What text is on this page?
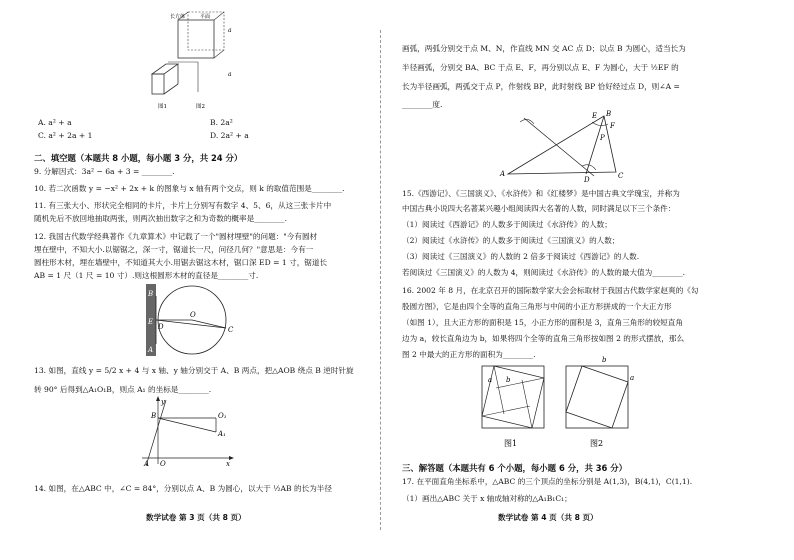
长方体	平面
a
图1	图2
a
A. a² + a	B. 2a²
C. a² + 2a + 1	D. 2a² + a
二、填空题（本题共 8 小题，每小题 3 分，共 24 分）
9. 分解因式：3a² − 6a + 3 = ________.
10. 若二次函数 y = −x² + 2x + k 的图象与 x 轴有两个交点，则 k 的取值范围是________.
11. 有三张大小、形状完全相同的卡片，卡片上分别写有数字 4、5、6，从这三张卡片中
随机先后不放回地抽取两张，则两次抽出数字之和为奇数的概率是________.
12. 我国古代数学经典著作《九章算术》中记载了一个"圆材埋壁"的问题："今有圆材
埋在壁中，不知大小.以锯锯之，深一寸，锯道长一尺，问径几何？"意思是：今有一
圆柱形木材，埋在墙壁中，不知道其大小.用锯去锯这木材，锯口深 ED = 1 寸，锯道长
AB = 1 尺（1 尺 = 10 寸）.则这根圆形木材的直径是________寸.
B
E
D
O
A
C
13. 如图，直线 y = 5/2 x + 4 与 x 轴、y 轴分别交于 A、B 两点，把△AOB 绕点 B 逆时针旋
转 90° 后得到△A₁O₁B，则点 A₁ 的坐标是________.
y
B	O₁
A₁
A O	x
14. 如图，在△ABC 中，∠C = 84°，分别以点 A、B 为圆心，以大于 ½AB 的长为半径
数学试卷 第 3 页（共 8 页）
画弧，两弧分别交于点 M、N，作直线 MN 交 AC 点 D；以点 B 为圆心，适当长为
半径画弧，分别交 BA、BC 于点 E、F，再分别以点 E、F 为圆心，大于 ½EF 的
长为半径画弧，两弧交于点 P，作射线 BP，此时射线 BP 恰好经过点 D，则∠A =
________度.
E B
F
P
A
D	C
15.《西游记》、《三国演义》、《水浒传》和《红楼梦》是中国古典文学瑰宝，并称为
中国古典小说四大名著某兴趣小组阅读四大名著的人数，同时满足以下三个条件：
（1）阅读过《西游记》的人数多于阅读过《水浒传》的人数；
（2）阅读过《水浒传》的人数多于阅读过《三国演义》的人数；
（3）阅读过《三国演义》的人数的 2 倍多于阅读过《西游记》的人数.
若阅读过《三国演义》的人数为 4，则阅读过《水浒传》的人数的最大值为________.
16. 2002 年 8 月，在北京召开的国际数学家大会会标取材于我国古代数学家赵爽的《勾
股圆方图》，它是由四个全等的直角三角形与中间的小正方形拼成的一个大正方形
（如图 1），且大正方形的面积是 15，小正方形的面积是 3，直角三角形的较短直角
边为 a，较长直角边为 b，如果将四个全等的直角三角形按如图 2 的形式摆放，那么
图 2 中最大的正方形的面积为________.
a b
图1
b
a
图2
三、解答题（本题共有 6 个小题，每小题 6 分，共 36 分）
17. 在平面直角坐标系中，△ABC 的三个顶点的坐标分别是 A(1,3)，B(4,1)，C(1,1).
（1）画出△ABC 关于 x 轴成轴对称的△A₁B₁C₁；
数学试卷 第 4 页（共 8 页）
